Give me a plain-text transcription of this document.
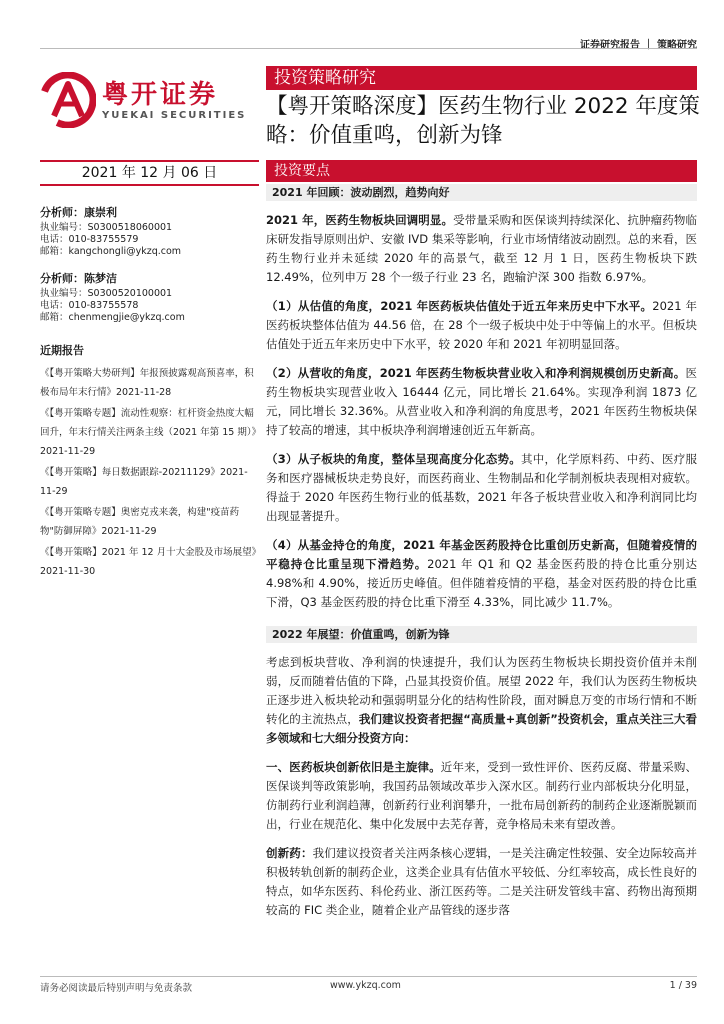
证券研究报告 ｜ 策略研究
粤开证券
YUEKAI SECURITIES
投资策略研究
【粤开策略深度】医药生物行业 2022 年度策略：价值重鸣，创新为锋
2021 年 12 月 06 日	投资要点
分析师：康崇利
执业编号：S0300518060001
电话：010-83755579
邮箱：kangchongli@ykzq.com
分析师：陈梦洁
执业编号：S0300520100001
电话：010-83755578
邮箱：chenmengjie@ykzq.com
近期报告
《【粤开策略大势研判】年报预披露观高预喜率，积极布局年末行情》2021-11-28
《【粤开策略专题】流动性观察：杠杆资金热度大幅回升，年末行情关注两条主线（2021 年第 15 期）》2021-11-29
《【粤开策略】每日数据跟踪-20211129》2021-11-29
《【粤开策略专题】奥密克戎来袭，构建"疫苗药物"防御屏障》2021-11-29
《【粤开策略】2021 年 12 月十大金股及市场展望》2021-11-30
2021 年回顾：波动剧烈，趋势向好

2021 年，医药生物板块回调明显。受带量采购和医保谈判持续深化、抗肿瘤药物临床研发指导原则出炉、安徽 IVD 集采等影响，行业市场情绪波动剧烈。总的来看，医药生物行业并未延续 2020 年的高景气，截至 12 月 1 日，医药生物板块下跌 12.49%，位列申万 28 个一级子行业 23 名，跑输沪深 300 指数 6.97%。

（1）从估值的角度，2021 年医药板块估值处于近五年来历史中下水平。2021 年医药板块整体估值为 44.56 倍，在 28 个一级子板块中处于中等偏上的水平。但板块估值处于近五年来历史中下水平，较 2020 年和 2021 年初明显回落。

（2）从营收的角度，2021 年医药生物板块营业收入和净利润规模创历史新高。医药生物板块实现营业收入 16444 亿元，同比增长 21.64%。实现净利润 1873 亿元，同比增长 32.36%。从营业收入和净利润的角度思考，2021 年医药生物板块保持了较高的增速，其中板块净利润增速创近五年新高。

（3）从子板块的角度，整体呈现高度分化态势。其中，化学原料药、中药、医疗服务和医疗器械板块走势良好，而医药商业、生物制品和化学制剂板块表现相对疲软。得益于 2020 年医药生物行业的低基数，2021 年各子板块营业收入和净利润同比均出现显著提升。

（4）从基金持仓的角度，2021 年基金医药股持仓比重创历史新高，但随着疫情的平稳持仓比重呈现下滑趋势。2021 年 Q1 和 Q2 基金医药股的持仓比重分别达 4.98%和 4.90%，接近历史峰值。但伴随着疫情的平稳，基金对医药股的持仓比重下滑，Q3 基金医药股的持仓比重下滑至 4.33%，同比减少 11.7%。

2022 年展望：价值重鸣，创新为锋

考虑到板块营收、净利润的快速提升，我们认为医药生物板块长期投资价值并未削弱，反而随着估值的下降，凸显其投资价值。展望 2022 年，我们认为医药生物板块正逐步进入板块轮动和强弱明显分化的结构性阶段，面对瞬息万变的市场行情和不断转化的主流热点，我们建议投资者把握“高质量+真创新”投资机会，重点关注三大看多领域和七大细分投资方向：

一、医药板块创新依旧是主旋律。近年来，受到一致性评价、医药反腐、带量采购、医保谈判等政策影响，我国药品领域改革步入深水区。制药行业内部板块分化明显，仿制药行业利润趋薄，创新药行业利润攀升，一批布局创新药的制药企业逐渐脱颖而出，行业在规范化、集中化发展中去芜存菁，竞争格局未来有望改善。

创新药：我们建议投资者关注两条核心逻辑，一是关注确定性较强、安全边际较高并积极转轨创新的制药企业，这类企业具有估值水平较低、分红率较高，成长性良好的特点，如华东医药、科伦药业、浙江医药等。二是关注研发管线丰富、药物出海预期较高的 FIC 类企业，随着企业产品管线的逐步落

请务必阅读最后特别声明与免责条款	www.ykzq.com	1 / 39
